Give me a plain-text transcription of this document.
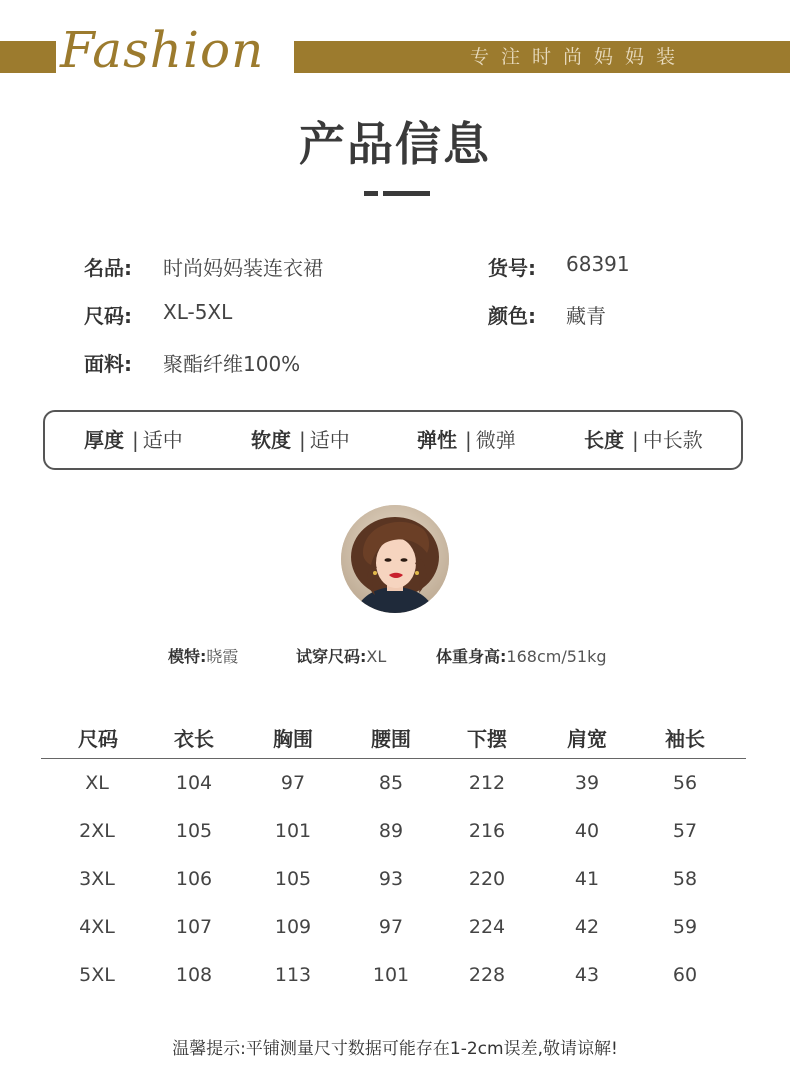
Fashion	专注时尚妈妈装
产品信息
名品: 时尚妈妈装连衣裙	货号: 68391
尺码: XL-5XL	颜色: 藏青
面料: 聚酯纤维100%
厚度 | 适中	软度 | 适中	弹性 | 微弹	长度 | 中长款
模特:晓霞	试穿尺码:XL	体重身高:168cm/51kg
尺码	衣长	胸围	腰围	下摆	肩宽	袖长
XL	104	97	85	212	39	56
2XL	105	101	89	216	40	57
3XL	106	105	93	220	41	58
4XL	107	109	97	224	42	59
5XL	108	113	101	228	43	60
温馨提示:平铺测量尺寸数据可能存在1-2cm误差,敬请谅解!
